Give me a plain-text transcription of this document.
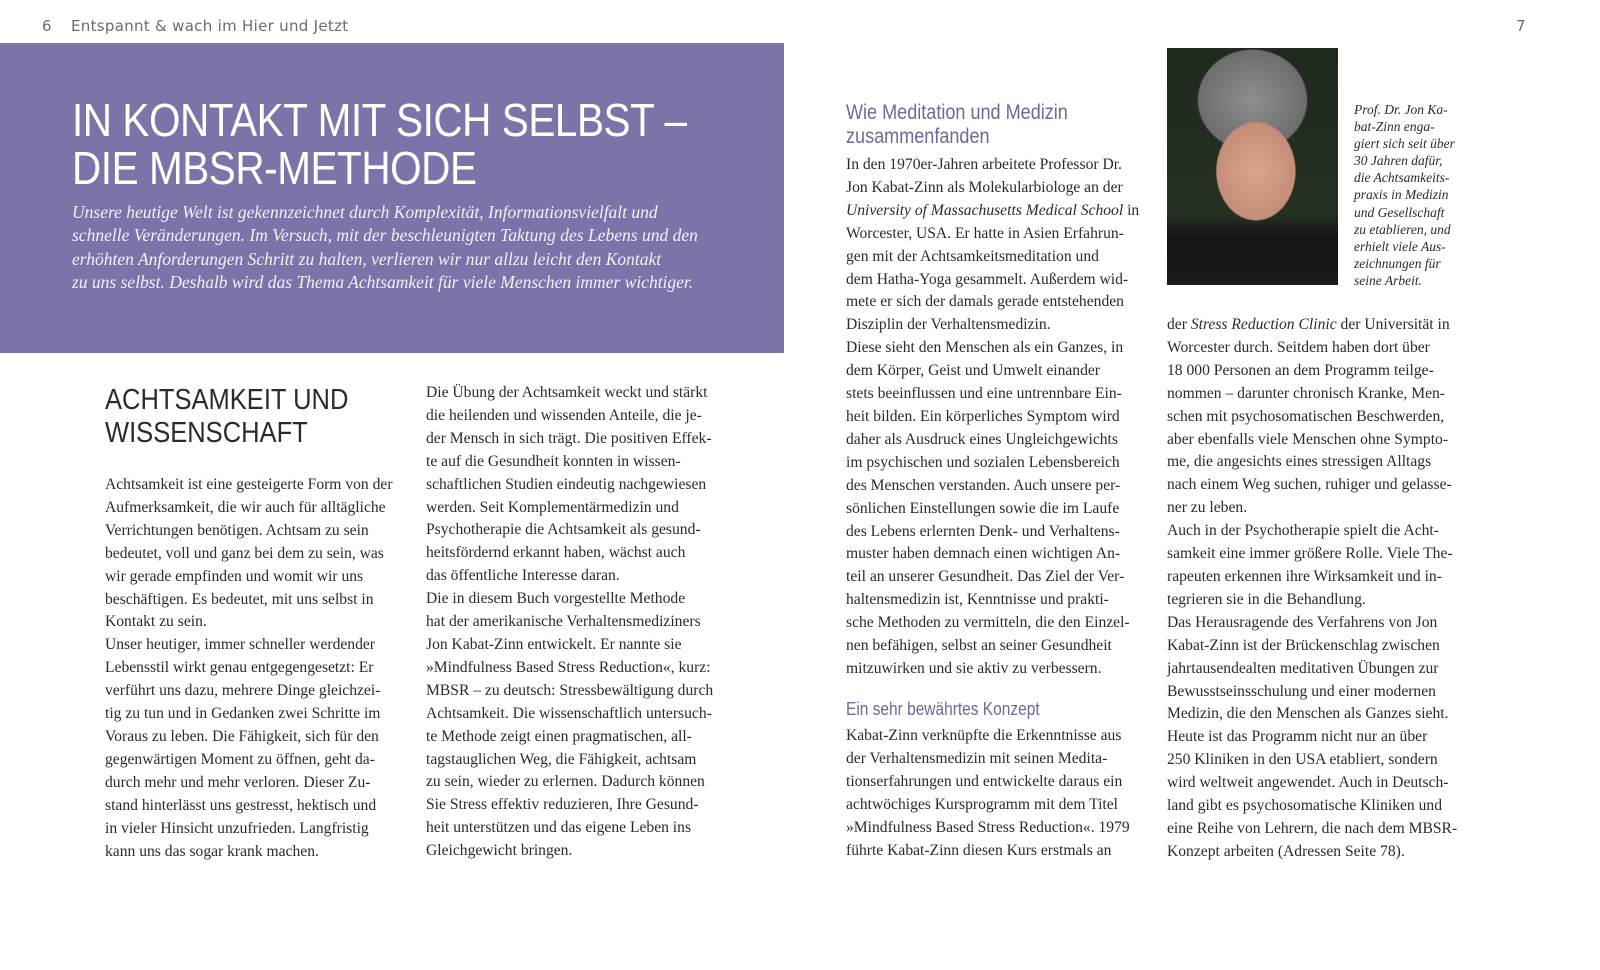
6 Entspannt & wach im Hier und Jetzt	7
IN KONTAKT MIT SICH SELBST –
DIE MBSR-METHODE
Unsere heutige Welt ist gekennzeichnet durch Komplexität, Informationsvielfalt und
schnelle Veränderungen. Im Versuch, mit der beschleunigten Taktung des Lebens und den
erhöhten Anforderungen Schritt zu halten, verlieren wir nur allzu leicht den Kontakt
zu uns selbst. Deshalb wird das Thema Achtsamkeit für viele Menschen immer wichtiger.
ACHTSAMKEIT UND
WISSENSCHAFT
Achtsamkeit ist eine gesteigerte Form von der
Aufmerksamkeit, die wir auch für alltägliche
Verrichtungen benötigen. Achtsam zu sein
bedeutet, voll und ganz bei dem zu sein, was
wir gerade empfinden und womit wir uns
beschäftigen. Es bedeutet, mit uns selbst in
Kontakt zu sein.
Unser heutiger, immer schneller werdender
Lebensstil wirkt genau entgegengesetzt: Er
verführt uns dazu, mehrere Dinge gleichzei-
tig zu tun und in Gedanken zwei Schritte im
Voraus zu leben. Die Fähigkeit, sich für den
gegenwärtigen Moment zu öffnen, geht da-
durch mehr und mehr verloren. Dieser Zu-
stand hinterlässt uns gestresst, hektisch und
in vieler Hinsicht unzufrieden. Langfristig
kann uns das sogar krank machen.
Die Übung der Achtsamkeit weckt und stärkt
die heilenden und wissenden Anteile, die je-
der Mensch in sich trägt. Die positiven Effek-
te auf die Gesundheit konnten in wissen-
schaftlichen Studien eindeutig nachgewiesen
werden. Seit Komplementärmedizin und
Psychotherapie die Achtsamkeit als gesund-
heitsfördernd erkannt haben, wächst auch
das öffentliche Interesse daran.
Die in diesem Buch vorgestellte Methode
hat der amerikanische Verhaltensmediziners
Jon Kabat-Zinn entwickelt. Er nannte sie
»Mindfulness Based Stress Reduction«, kurz:
MBSR – zu deutsch: Stressbewältigung durch
Achtsamkeit. Die wissenschaftlich untersuch-
te Methode zeigt einen pragmatischen, all-
tagstauglichen Weg, die Fähigkeit, achtsam
zu sein, wieder zu erlernen. Dadurch können
Sie Stress effektiv reduzieren, Ihre Gesund-
heit unterstützen und das eigene Leben ins
Gleichgewicht bringen.
Wie Meditation und Medizin
zusammenfanden
In den 1970er-Jahren arbeitete Professor Dr.
Jon Kabat-Zinn als Molekularbiologe an der
University of Massachusetts Medical School in
Worcester, USA. Er hatte in Asien Erfahrun-
gen mit der Achtsamkeitsmeditation und
dem Hatha-Yoga gesammelt. Außerdem wid-
mete er sich der damals gerade entstehenden
Disziplin der Verhaltensmedizin.
Diese sieht den Menschen als ein Ganzes, in
dem Körper, Geist und Umwelt einander
stets beeinflussen und eine untrennbare Ein-
heit bilden. Ein körperliches Symptom wird
daher als Ausdruck eines Ungleichgewichts
im psychischen und sozialen Lebensbereich
des Menschen verstanden. Auch unsere per-
sönlichen Einstellungen sowie die im Laufe
des Lebens erlernten Denk- und Verhaltens-
muster haben demnach einen wichtigen An-
teil an unserer Gesundheit. Das Ziel der Ver-
haltensmedizin ist, Kenntnisse und prakti-
sche Methoden zu vermitteln, die den Einzel-
nen befähigen, selbst an seiner Gesundheit
mitzuwirken und sie aktiv zu verbessern.
Ein sehr bewährtes Konzept
Kabat-Zinn verknüpfte die Erkenntnisse aus
der Verhaltensmedizin mit seinen Medita-
tionserfahrungen und entwickelte daraus ein
achtwöchiges Kursprogramm mit dem Titel
»Mindfulness Based Stress Reduction«. 1979
führte Kabat-Zinn diesen Kurs erstmals an
Prof. Dr. Jon Ka-
bat-Zinn enga-
giert sich seit über
30 Jahren dafür,
die Achtsamkeits-
praxis in Medizin
und Gesellschaft
zu etablieren, und
erhielt viele Aus-
zeichnungen für
seine Arbeit.
der Stress Reduction Clinic der Universität in
Worcester durch. Seitdem haben dort über
18 000 Personen an dem Programm teilge-
nommen – darunter chronisch Kranke, Men-
schen mit psychosomatischen Beschwerden,
aber ebenfalls viele Menschen ohne Sympto-
me, die angesichts eines stressigen Alltags
nach einem Weg suchen, ruhiger und gelasse-
ner zu leben.
Auch in der Psychotherapie spielt die Acht-
samkeit eine immer größere Rolle. Viele The-
rapeuten erkennen ihre Wirksamkeit und in-
tegrieren sie in die Behandlung.
Das Herausragende des Verfahrens von Jon
Kabat-Zinn ist der Brückenschlag zwischen
jahrtausendealten meditativen Übungen zur
Bewusstseinsschulung und einer modernen
Medizin, die den Menschen als Ganzes sieht.
Heute ist das Programm nicht nur an über
250 Kliniken in den USA etabliert, sondern
wird weltweit angewendet. Auch in Deutsch-
land gibt es psychosomatische Kliniken und
eine Reihe von Lehrern, die nach dem MBSR-
Konzept arbeiten (Adressen Seite 78).
